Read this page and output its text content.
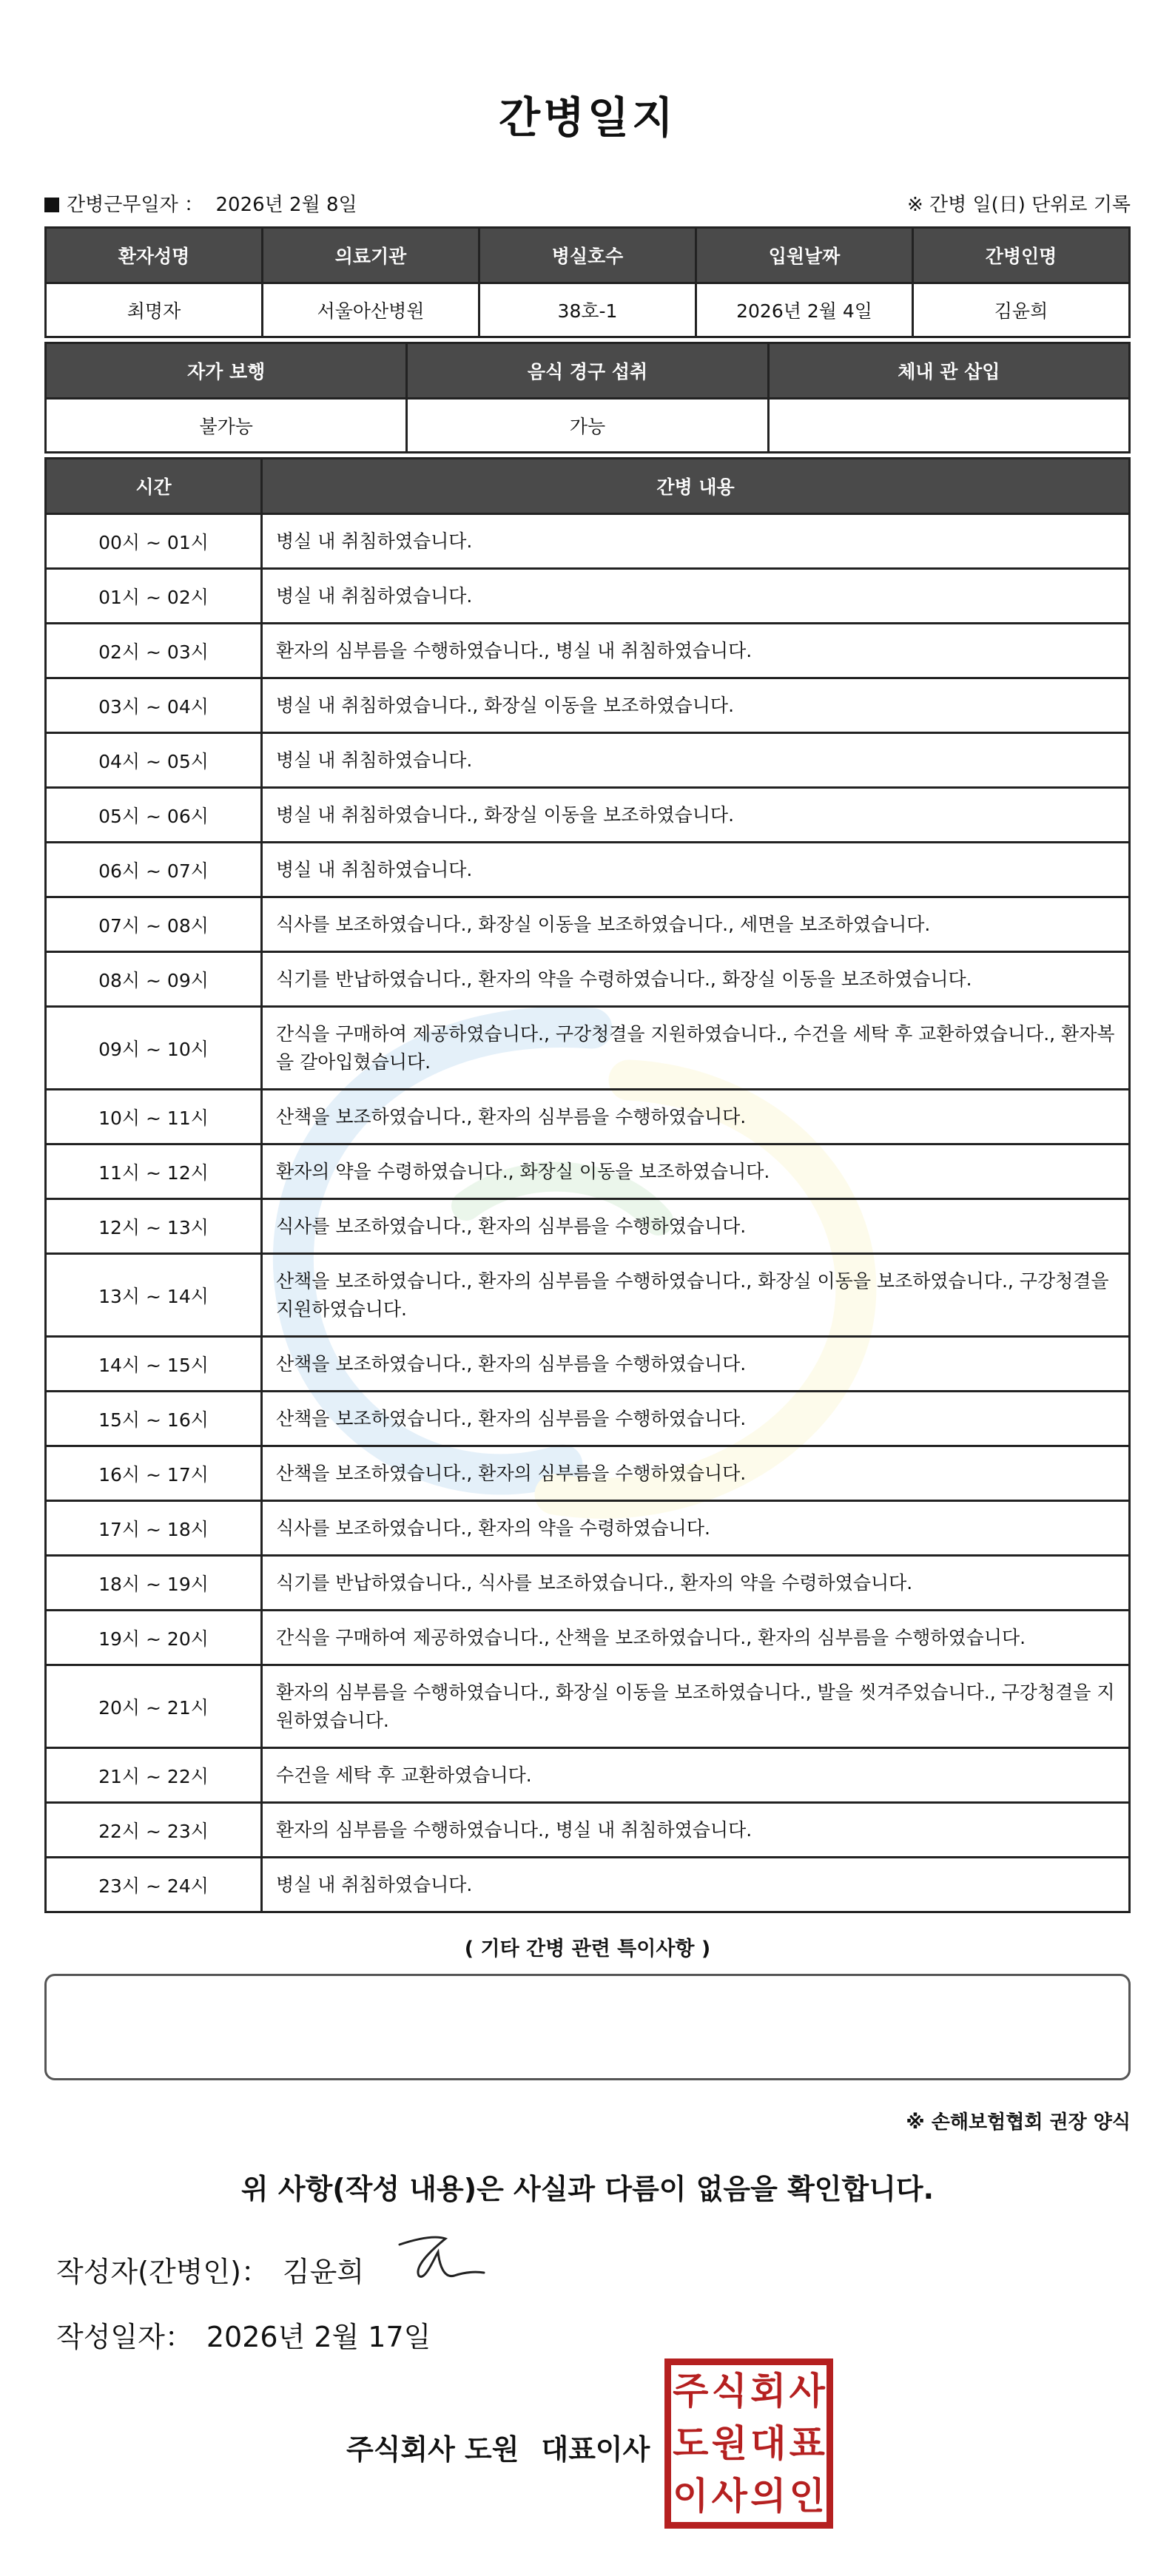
간병일지
간병근무일자 ： 2026년 2월 8일	※ 간병 일(日) 단위로 기록
환자성명	의료기관	병실호수	입원날짜	간병인명
최명자	서울아산병원	38호-1	2026년 2월 4일	김윤희
자가 보행	음식 경구 섭취	체내 관 삽입
불가능	가능	
시간	간병 내용
00시 ~ 01시	병실 내 취침하였습니다.
01시 ~ 02시	병실 내 취침하였습니다.
02시 ~ 03시	환자의 심부름을 수행하였습니다., 병실 내 취침하였습니다.
03시 ~ 04시	병실 내 취침하였습니다., 화장실 이동을 보조하였습니다.
04시 ~ 05시	병실 내 취침하였습니다.
05시 ~ 06시	병실 내 취침하였습니다., 화장실 이동을 보조하였습니다.
06시 ~ 07시	병실 내 취침하였습니다.
07시 ~ 08시	식사를 보조하였습니다., 화장실 이동을 보조하였습니다., 세면을 보조하였습니다.
08시 ~ 09시	식기를 반납하였습니다., 환자의 약을 수령하였습니다., 화장실 이동을 보조하였습니다.
09시 ~ 10시	간식을 구매하여 제공하였습니다., 구강청결을 지원하였습니다., 수건을 세탁 후 교환하였습니다., 환자복을 갈아입혔습니다.
10시 ~ 11시	산책을 보조하였습니다., 환자의 심부름을 수행하였습니다.
11시 ~ 12시	환자의 약을 수령하였습니다., 화장실 이동을 보조하였습니다.
12시 ~ 13시	식사를 보조하였습니다., 환자의 심부름을 수행하였습니다.
13시 ~ 14시	산책을 보조하였습니다., 환자의 심부름을 수행하였습니다., 화장실 이동을 보조하였습니다., 구강청결을 지원하였습니다.
14시 ~ 15시	산책을 보조하였습니다., 환자의 심부름을 수행하였습니다.
15시 ~ 16시	산책을 보조하였습니다., 환자의 심부름을 수행하였습니다.
16시 ~ 17시	산책을 보조하였습니다., 환자의 심부름을 수행하였습니다.
17시 ~ 18시	식사를 보조하였습니다., 환자의 약을 수령하였습니다.
18시 ~ 19시	식기를 반납하였습니다., 식사를 보조하였습니다., 환자의 약을 수령하였습니다.
19시 ~ 20시	간식을 구매하여 제공하였습니다., 산책을 보조하였습니다., 환자의 심부름을 수행하였습니다.
20시 ~ 21시	환자의 심부름을 수행하였습니다., 화장실 이동을 보조하였습니다., 발을 씻겨주었습니다., 구강청결을 지원하였습니다.
21시 ~ 22시	수건을 세탁 후 교환하였습니다.
22시 ~ 23시	환자의 심부름을 수행하였습니다., 병실 내 취침하였습니다.
23시 ~ 24시	병실 내 취침하였습니다.
( 기타 간병 관련 특이사항 )
※ 손해보험협회 권장 양식
위 사항(작성 내용)은 사실과 다름이 없음을 확인합니다.
작성자(간병인)： 김윤희
작성일자： 2026년 2월 17일
주식회사 도원 대표이사
주 식 회 사
도 원 대 표
이 사 의 인
